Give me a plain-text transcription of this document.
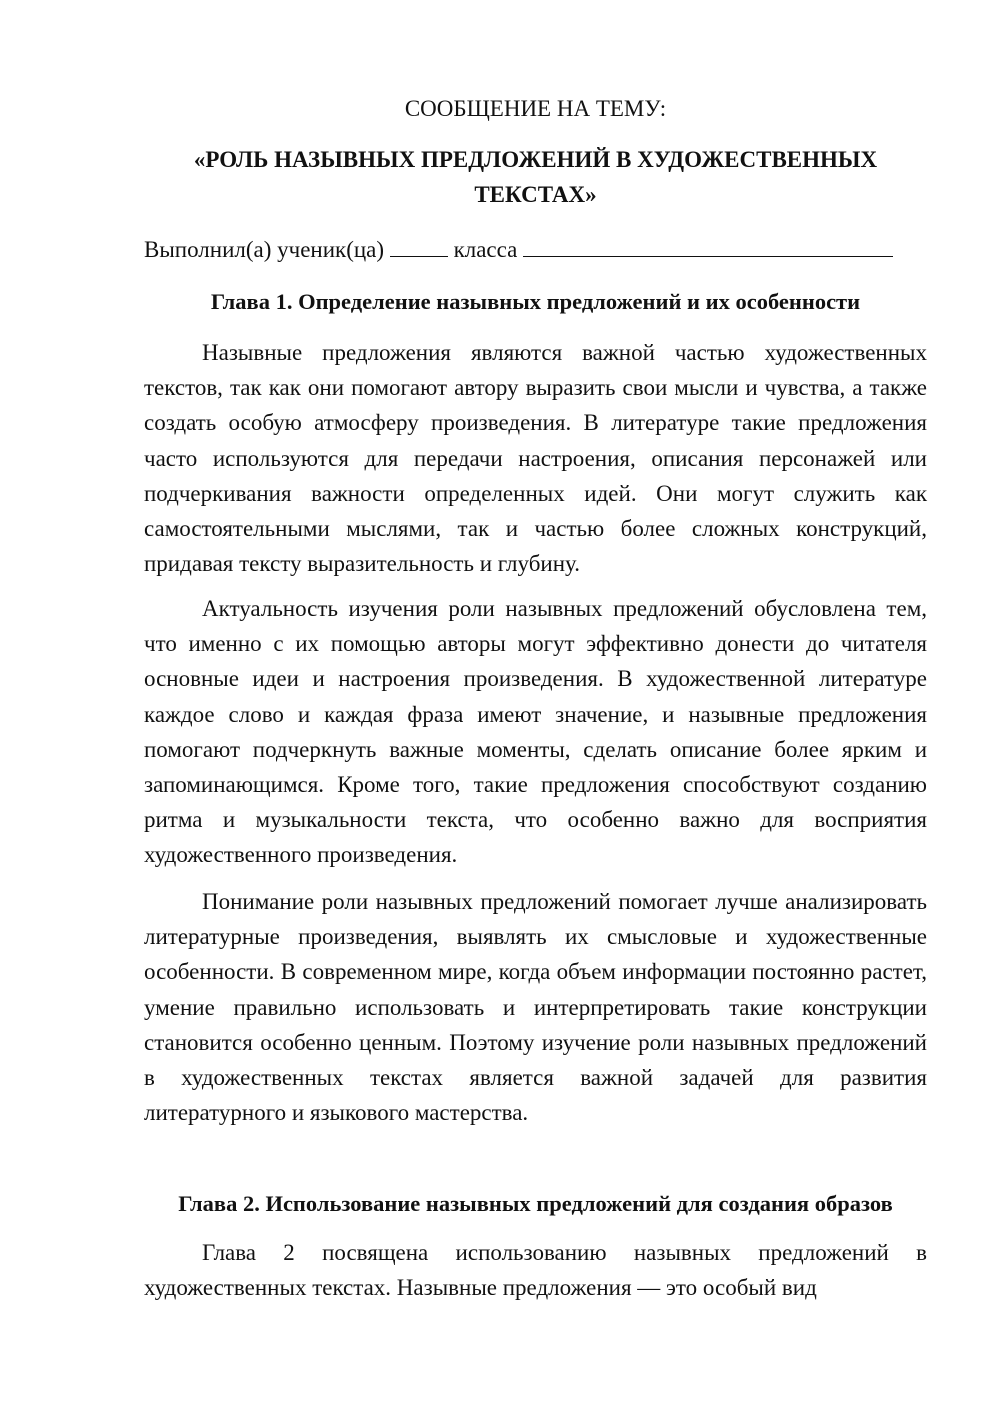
СООБЩЕНИЕ НА ТЕМУ:
«РОЛЬ НАЗЫВНЫХ ПРЕДЛОЖЕНИЙ В ХУДОЖЕСТВЕННЫХ ТЕКСТАХ»
Выполнил(а) ученик(ца)	класса
Глава 1. Определение назывных предложений и их особенности

Назывные предложения являются важной частью художественных текстов, так как они помогают автору выразить свои мысли и чувства, а также создать особую атмосферу произведения. В литературе такие предложения часто используются для передачи настроения, описания персонажей или подчеркивания важности определенных идей. Они могут служить как самостоятельными мыслями, так и частью более сложных конструкций, придавая тексту выразительность и глубину.

Актуальность изучения роли назывных предложений обусловлена тем, что именно с их помощью авторы могут эффективно донести до читателя основные идеи и настроения произведения. В художественной литературе каждое слово и каждая фраза имеют значение, и назывные предложения помогают подчеркнуть важные моменты, сделать описание более ярким и запоминающимся. Кроме того, такие предложения способствуют созданию ритма и музыкальности текста, что особенно важно для восприятия художественного произведения.

Понимание роли назывных предложений помогает лучше анализировать литературные произведения, выявлять их смысловые и художественные особенности. В современном мире, когда объем информации постоянно растет, умение правильно использовать и интерпретировать такие конструкции становится особенно ценным. Поэтому изучение роли назывных предложений в художественных текстах является важной задачей для развития литературного и языкового мастерства.

Глава 2. Использование назывных предложений для создания образов

Глава 2 посвящена использованию назывных предложений в художественных текстах. Назывные предложения — это особый вид
